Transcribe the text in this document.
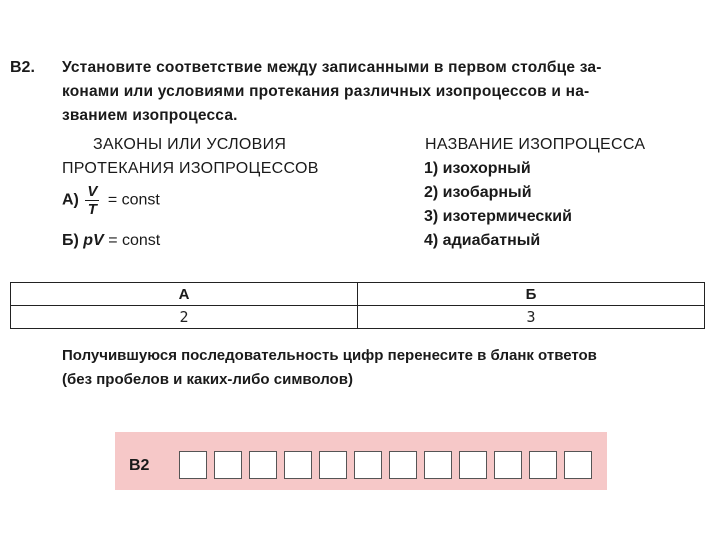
В2. Установите соответствие между записанными в первом столбце за-
конами или условиями протекания различных изопроцессов и на-
званием изопроцесса.
ЗАКОНЫ ИЛИ УСЛОВИЯ
ПРОТЕКАНИЯ ИЗОПРОЦЕССОВ
НАЗВАНИЕ ИЗОПРОЦЕССА
$А) \frac{V}{T}$ = const
Б) pV = const
1) изохорный
2) изобарный
3) изотермический
4) адиабатный
А	Б
2	3
Получившуюся последовательность цифр перенесите в бланк ответов
(без пробелов и каких-либо символов)
В2
